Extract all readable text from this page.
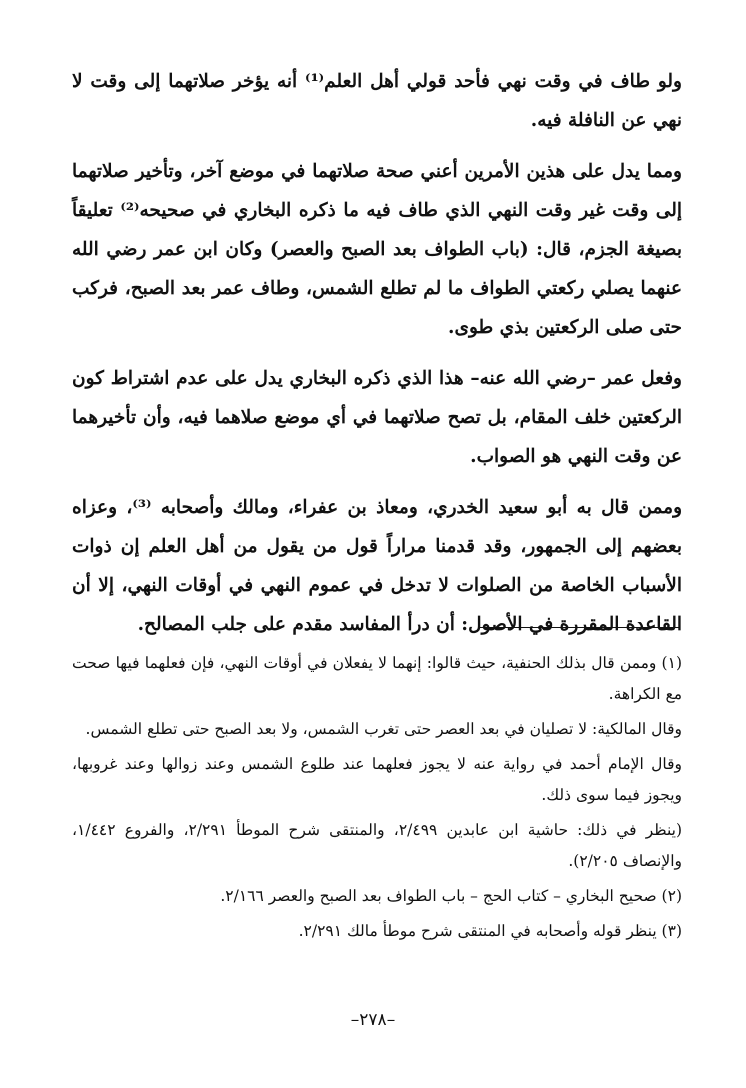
ولو طاف في وقت نهي فأحد قولي أهل العلم⁽¹⁾ أنه يؤخر صلاتهما إلى وقت لا نهي عن النافلة فيه.

ومما يدل على هذين الأمرين أعني صحة صلاتهما في موضع آخر، وتأخير صلاتهما إلى وقت غير وقت النهي الذي طاف فيه ما ذكره البخاري في صحيحه⁽²⁾ تعليقاً بصيغة الجزم، قال: (باب الطواف بعد الصبح والعصر) وكان ابن عمر رضي الله عنهما يصلي ركعتي الطواف ما لم تطلع الشمس، وطاف عمر بعد الصبح، فركب حتى صلى الركعتين بذي طوى.

وفعل عمر –رضي الله عنه– هذا الذي ذكره البخاري يدل على عدم اشتراط كون الركعتين خلف المقام، بل تصح صلاتهما في أي موضع صلاهما فيه، وأن تأخيرهما عن وقت النهي هو الصواب.

وممن قال به أبو سعيد الخدري، ومعاذ بن عفراء، ومالك وأصحابه ⁽³⁾، وعزاه بعضهم إلى الجمهور، وقد قدمنا مراراً قول من يقول من أهل العلم إن ذوات الأسباب الخاصة من الصلوات لا تدخل في عموم النهي في أوقات النهي، إلا أن القاعدة المقررة في الأصول: أن درأ المفاسد مقدم على جلب المصالح.

(١) وممن قال بذلك الحنفية، حيث قالوا: إنهما لا يفعلان في أوقات النهي، فإن فعلهما فيها صحت مع الكراهة.

وقال المالكية: لا تصليان في بعد العصر حتى تغرب الشمس، ولا بعد الصبح حتى تطلع الشمس.

وقال الإمام أحمد في رواية عنه لا يجوز فعلهما عند طلوع الشمس وعند زوالها وعند غروبها، ويجوز فيما سوى ذلك.

(ينظر في ذلك: حاشية ابن عابدين ٢/٤٩٩، والمنتقى شرح الموطأ ٢/٢٩١، والفروع ١/٤٤٢، والإنصاف ٢/٢٠٥).

(٢) صحيح البخاري – كتاب الحج – باب الطواف بعد الصبح والعصر ٢/١٦٦.

(٣) ينظر قوله وأصحابه في المنتقى شرح موطأ مالك ٢/٢٩١.

–٢٧٨–
